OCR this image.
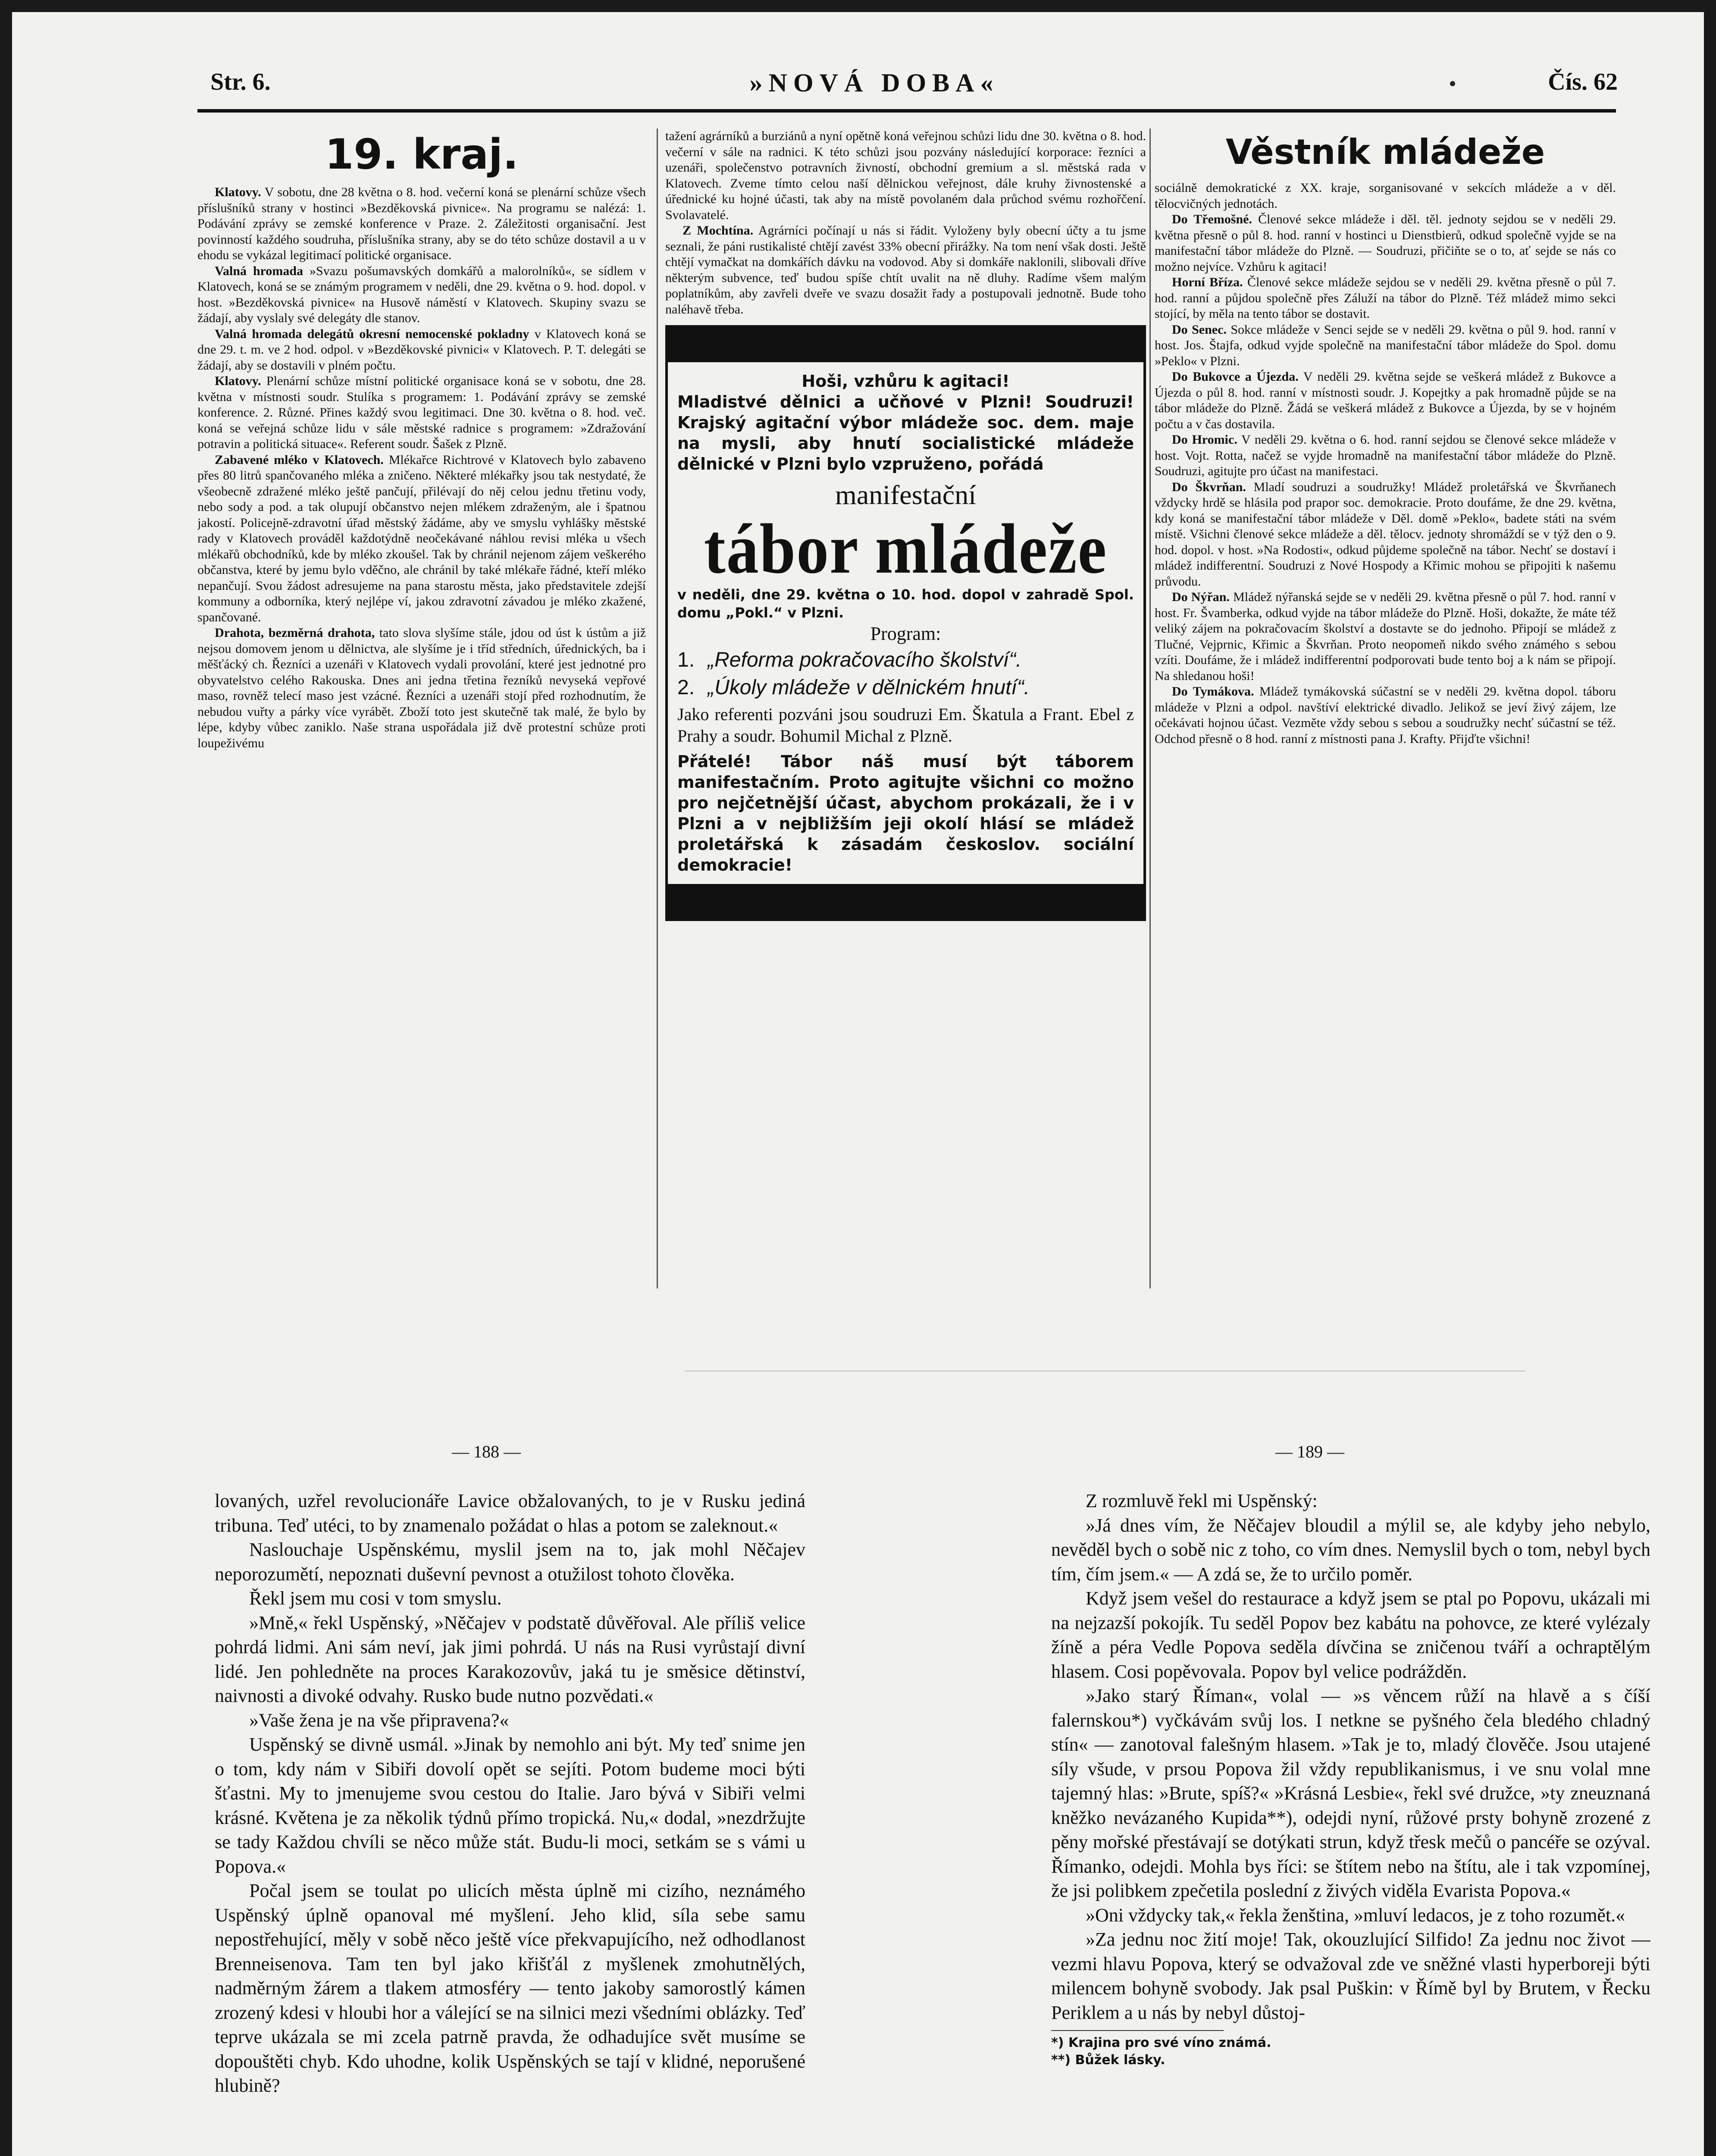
Str. 6.	»NOVÁ DOBA«	Čís. 62
19. kraj.

Klatovy. V sobotu, dne 28 května o 8. hod. večerní koná se plenární schůze všech příslušníků strany v hostinci »Bezděkovská pivnice«. Na programu se nalézá: 1. Podávání zprávy se zemské konference v Praze. 2. Záležitosti organisační. Jest povinností každého soudruha, příslušníka strany, aby se do této schůze dostavil a u v ehodu se vykázal legitimací politické organisace.

Valná hromada »Svazu pošumavských domkářů a malorolníků«, se sídlem v Klatovech, koná se se známým programem v neděli, dne 29. května o 9. hod. dopol. v host. »Bezděkovská pivnice« na Husově náměstí v Klatovech. Skupiny svazu se žádají, aby vyslaly své delegáty dle stanov.

Valná hromada delegátů okresní nemocenské pokladny v Klatovech koná se dne 29. t. m. ve 2 hod. odpol. v »Bezděkovské pivnici« v Klatovech. P. T. delegáti se žádají, aby se dostavili v plném počtu.

Klatovy. Plenární schůze místní politické organisace koná se v sobotu, dne 28. května v místnosti soudr. Stulíka s programem: 1. Podávání zprávy se zemské konference. 2. Různé. Přines každý svou legitimaci. Dne 30. května o 8. hod. več. koná se veřejná schůze lidu v sále městské radnice s programem: »Zdražování potravin a politická situace«. Referent soudr. Šašek z Plzně.

Zabavené mléko v Klatovech. Mlékařce Richtrové v Klatovech bylo zabaveno přes 80 litrů spančovaného mléka a zničeno. Některé mlékařky jsou tak nestydaté, že všeobecně zdražené mléko ještě pančují, přilévají do něj celou jednu třetinu vody, nebo sody a pod. a tak olupují občanstvo nejen mlékem zdraženým, ale i špatnou jakostí. Policejně-zdravotní úřad městský žádáme, aby ve smyslu vyhlášky městské rady v Klatovech prováděl každotýdně neočekávané náhlou revisi mléka u všech mlékařů obchodníků, kde by mléko zkoušel. Tak by chránil nejenom zájem veškerého občanstva, které by jemu bylo vděčno, ale chránil by také mlékaře řádné, kteří mléko nepančují. Svou žádost adresujeme na pana starostu města, jako představitele zdejší kommuny a odborníka, který nejlépe ví, jakou zdravotní závadou je mléko zkažené, spančované.

Drahota, bezměrná drahota, tato slova slyšíme stále, jdou od úst k ústům a již nejsou domovem jenom u dělnictva, ale slyšíme je i tříd středních, úřednických, ba i měšťácký ch. Řezníci a uzenáři v Klatovech vydali provolání, které jest jednotné pro obyvatelstvo celého Rakouska. Dnes ani jedna třetina řezníků nevyseká vepřové maso, rovněž telecí maso jest vzácné. Řezníci a uzenáři stojí před rozhodnutím, že nebudou vuřty a párky více vyrábět. Zboží toto jest skutečně tak malé, že bylo by lépe, kdyby vůbec zaniklo. Naše strana uspořádala již dvě protestní schůze proti loupeživému

tažení agrárníků a burziánů a nyní opětně koná veřejnou schůzi lidu dne 30. května o 8. hod. večerní v sále na radnici. K této schůzi jsou pozvány následující korporace: řezníci a uzenáři, společenstvo potravních živností, obchodní gremium a sl. městská rada v Klatovech. Zveme tímto celou naší dělnickou veřejnost, dále kruhy živnostenské a úřednické ku hojné účasti, tak aby na místě povolaném dala průchod svému rozhořčení. Svolavatelé.

Z Mochtína. Agrárníci počínají u nás si řádit. Vyloženy byly obecní účty a tu jsme seznali, že páni rustikalisté chtějí zavést 33% obecní přirážky. Na tom není však dosti. Ještě chtějí vymačkat na domkářích dávku na vodovod. Aby si domkáře naklonili, slibovali dříve některým subvence, teď budou spíše chtít uvalit na ně dluhy. Radíme všem malým poplatníkům, aby zavřeli dveře ve svazu dosažit řady a postupovali jednotně. Bude toho naléhavě třeba.

Hoši, vzhůru k agitaci!
Mladistvé dělnici a učňové v Plzni! Soudruzi! Krajský agitační výbor mládeže soc. dem. maje na mysli, aby hnutí socialistické mládeže dělnické v Plzni bylo vzpruženo, pořádá
manifestační
tábor mládeže
v neděli, dne 29. května o 10. hod. dopol v zahradě Spol. domu „Pokl.“ v Plzni.
Program:
1. „Reforma pokračovacího školství“.
2. „Úkoly mládeže v dělnickém hnutí“.
Jako referenti pozváni jsou soudruzi Em. Škatula a Frant. Ebel z Prahy a soudr. Bohumil Michal z Plzně.
Přátelé! Tábor náš musí být táborem manifestačním. Proto agitujte všichni co možno pro nejčetnější účast, abychom prokázali, že i v Plzni a v nejbližším jeji okolí hlásí se mládež proletářská k zásadám českoslov. sociální demokracie!
Věstník mládeže

sociálně demokratické z XX. kraje, sorganisované v sekcích mládeže a v děl. tělocvičných jednotách.

Do Třemošné. Členové sekce mládeže i děl. těl. jednoty sejdou se v neděli 29. května přesně o půl 8. hod. ranní v hostinci u Dienstbierů, odkud společně vyjde se na manifestační tábor mládeže do Plzně. — Soudruzi, přičiňte se o to, ať sejde se nás co možno nejvíce. Vzhůru k agitaci!

Horní Bříza. Členové sekce mládeže sejdou se v neděli 29. května přesně o půl 7. hod. ranní a půjdou společně přes Záluží na tábor do Plzně. Též mládež mimo sekci stojící, by měla na tento tábor se dostavit.

Do Senec. Sokce mládeže v Senci sejde se v neděli 29. května o půl 9. hod. ranní v host. Jos. Štajfa, odkud vyjde společně na manifestační tábor mládeže do Spol. domu »Peklo« v Plzni.

Do Bukovce a Újezda. V neděli 29. května sejde se veškerá mládež z Bukovce a Újezda o půl 8. hod. ranní v místnosti soudr. J. Kopejtky a pak hromadně půjde se na tábor mládeže do Plzně. Žádá se veškerá mládež z Bukovce a Újezda, by se v hojném počtu a v čas dostavila.

Do Hromic. V neděli 29. května o 6. hod. ranní sejdou se členové sekce mládeže v host. Vojt. Rotta, načež se vyjde hromadně na manifestační tábor mládeže do Plzně. Soudruzi, agitujte pro účast na manifestaci.

Do Škvrňan. Mladí soudruzi a soudružky! Mládež proletářská ve Škvrňanech vždycky hrdě se hlásila pod prapor soc. demokracie. Proto doufáme, že dne 29. května, kdy koná se manifestační tábor mládeže v Děl. domě »Peklo«, badete státi na svém místě. Všichni členové sekce mládeže a děl. tělocv. jednoty shromáždí se v týž den o 9. hod. dopol. v host. »Na Rodosti«, odkud půjdeme společně na tábor. Nechť se dostaví i mládež indifferentní. Soudruzi z Nové Hospody a Křimic mohou se připojiti k našemu průvodu.

Do Nýřan. Mládež nýřanská sejde se v neděli 29. května přesně o půl 7. hod. ranní v host. Fr. Švamberka, odkud vyjde na tábor mládeže do Plzně. Hoši, dokažte, že máte též veliký zájem na pokračovacím školství a dostavte se do jednoho. Připojí se mládež z Tlučné, Vejprnic, Křimic a Škvrňan. Proto neopomeň nikdo svého známého s sebou vzíti. Doufáme, že i mládež indifferentní podporovati bude tento boj a k nám se připojí. Na shledanou hoši!

Do Tymákova. Mládež tymákovská súčastní se v neděli 29. května dopol. táboru mládeže v Plzni a odpol. navštíví elektrické divadlo. Jelikož se jeví živý zájem, lze očekávati hojnou účast. Vezměte vždy sebou s sebou a soudružky nechť súčastní se též. Odchod přesně o 8 hod. ranní z místnosti pana J. Krafty. Přijďte všichni!

— 188 —	— 189 —

lovaných, uzřel revolucionáře Lavice obžalovaných, to je v Rusku jediná tribuna. Teď utéci, to by znamenalo požádat o hlas a potom se zaleknout.«

Naslouchaje Uspěnskému, myslil jsem na to, jak mohl Něčajev neporozumětí, nepoznati duševní pevnost a otužilost tohoto člověka.

Řekl jsem mu cosi v tom smyslu.

»Mně,« řekl Uspěnský, »Něčajev v podstatě důvěřoval. Ale příliš velice pohrdá lidmi. Ani sám neví, jak jimi pohrdá. U nás na Rusi vyrůstají divní lidé. Jen pohledněte na proces Karakozovův, jaká tu je směsice dětinství, naivnosti a divoké odvahy. Rusko bude nutno pozvědati.«

»Vaše žena je na vše připravena?«

Uspěnský se divně usmál. »Jinak by nemohlo ani být. My teď snime jen o tom, kdy nám v Sibiři dovolí opět se sejíti. Potom budeme moci býti šťastni. My to jmenujeme svou cestou do Italie. Jaro bývá v Sibiři velmi krásné. Květena je za několik týdnů přímo tropická. Nu,« dodal, »nezdržujte se tady Každou chvíli se něco může stát. Budu-li moci, setkám se s vámi u Popova.«

Počal jsem se toulat po ulicích města úplně mi cizího, neznámého Uspěnský úplně opanoval mé myšlení. Jeho klid, síla sebe samu nepostřehující, měly v sobě něco ještě více překvapujícího, než odhodlanost Brenneisenova. Tam ten byl jako křišťál z myšlenek zmohutnělých, nadměrným žárem a tlakem atmosféry — tento jakoby samorostlý kámen zrozený kdesi v hloubi hor a válející se na silnici mezi všedními oblázky. Teď teprve ukázala se mi zcela patrně pravda, že odhadujíce svět musíme se dopouštěti chyb. Kdo uhodne, kolik Uspěnských se tají v klidné, neporušené hlubině?

Z rozmluvě řekl mi Uspěnský:

»Já dnes vím, že Něčajev bloudil a mýlil se, ale kdyby jeho nebylo, nevěděl bych o sobě nic z toho, co vím dnes. Nemyslil bych o tom, nebyl bych tím, čím jsem.« — A zdá se, že to určilo poměr.

Když jsem vešel do restaurace a když jsem se ptal po Popovu, ukázali mi na nejzazší pokojík. Tu seděl Popov bez kabátu na pohovce, ze které vylézaly žíně a péra Vedle Popova seděla dívčina se zničenou tváří a ochraptělým hlasem. Cosi popěvovala. Popov byl velice podrážděn.

»Jako starý Říman«, volal — »s věncem růží na hlavě a s číší falernskou*) vyčkávám svůj los. I netkne se pyšného čela bledého chladný stín« — zanotoval falešným hlasem. »Tak je to, mladý člověče. Jsou utajené síly všude, v prsou Popova žil vždy republikanismus, i ve snu volal mne tajemný hlas: »Brute, spíš?« »Krásná Lesbie«, řekl své družce, »ty zneuznaná kněžko nevázaného Kupida**), odejdi nyní, růžové prsty bohyně zrozené z pěny mořské přestávají se dotýkati strun, když třesk mečů o pancéře se ozýval. Římanko, odejdi. Mohla bys říci: se štítem nebo na štítu, ale i tak vzpomínej, že jsi polibkem zpečetila poslední z živých viděla Evarista Popova.«

»Oni vždycky tak,« řekla ženština, »mluví ledacos, je z toho rozumět.«

»Za jednu noc žití moje! Tak, okouzlující Silfido! Za jednu noc život — vezmi hlavu Popova, který se odvažoval zde ve sněžné vlasti hyperboreji býti milencem bohyně svobody. Jak psal Puškin: v Římě byl by Brutem, v Řecku Periklem a u nás by nebyl důstoj-

*) Krajina pro své víno známá.
**) Bůžek lásky.
